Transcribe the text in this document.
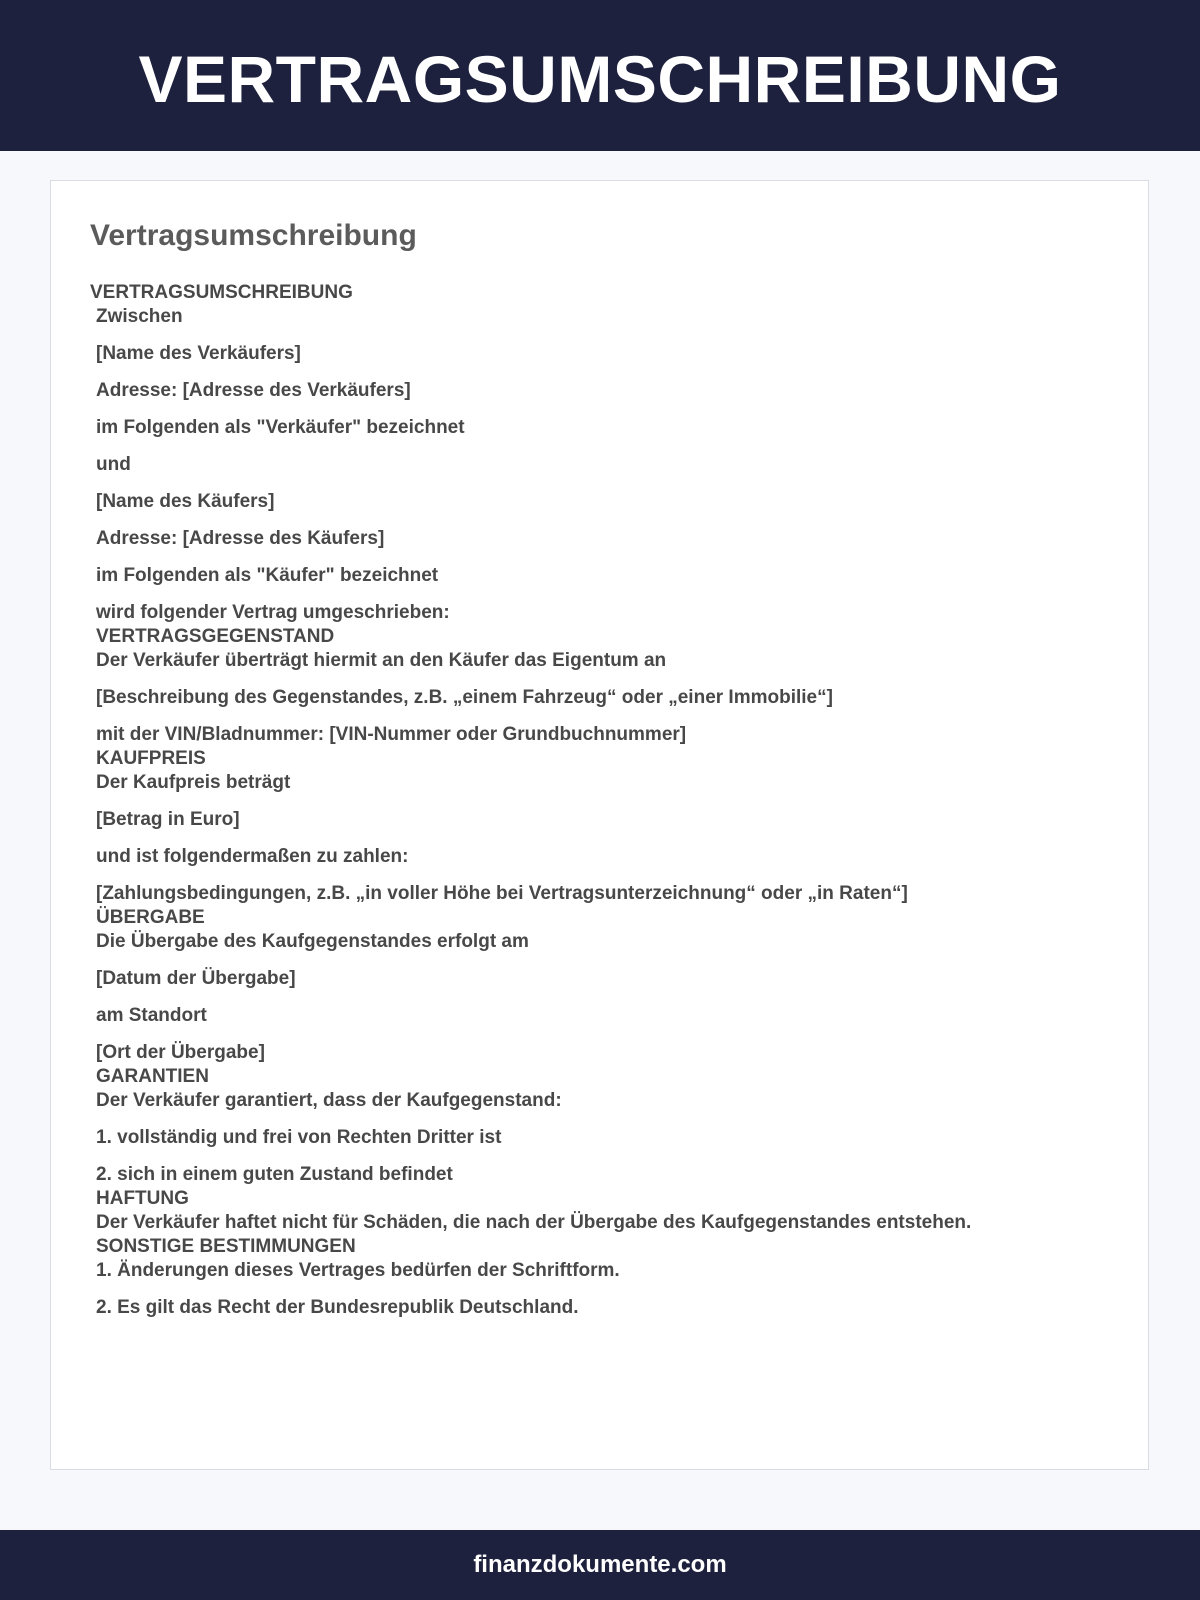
VERTRAGSUMSCHREIBUNG
Vertragsumschreibung
VERTRAGSUMSCHREIBUNG

Zwischen

[Name des Verkäufers]

Adresse: [Adresse des Verkäufers]

im Folgenden als "Verkäufer" bezeichnet

und

[Name des Käufers]

Adresse: [Adresse des Käufers]

im Folgenden als "Käufer" bezeichnet

wird folgender Vertrag umgeschrieben:

VERTRAGSGEGENSTAND

Der Verkäufer überträgt hiermit an den Käufer das Eigentum an

[Beschreibung des Gegenstandes, z.B. „einem Fahrzeug“ oder „einer Immobilie“]

mit der VIN/Bladnummer: [VIN-Nummer oder Grundbuchnummer]

KAUFPREIS

Der Kaufpreis beträgt

[Betrag in Euro]

und ist folgendermaßen zu zahlen:

[Zahlungsbedingungen, z.B. „in voller Höhe bei Vertragsunterzeichnung“ oder „in Raten“]

ÜBERGABE

Die Übergabe des Kaufgegenstandes erfolgt am

[Datum der Übergabe]

am Standort

[Ort der Übergabe]

GARANTIEN

Der Verkäufer garantiert, dass der Kaufgegenstand:

1. vollständig und frei von Rechten Dritter ist

2. sich in einem guten Zustand befindet

HAFTUNG

Der Verkäufer haftet nicht für Schäden, die nach der Übergabe des Kaufgegenstandes entstehen.

SONSTIGE BESTIMMUNGEN

1. Änderungen dieses Vertrages bedürfen der Schriftform.

2. Es gilt das Recht der Bundesrepublik Deutschland.

finanzdokumente.com
